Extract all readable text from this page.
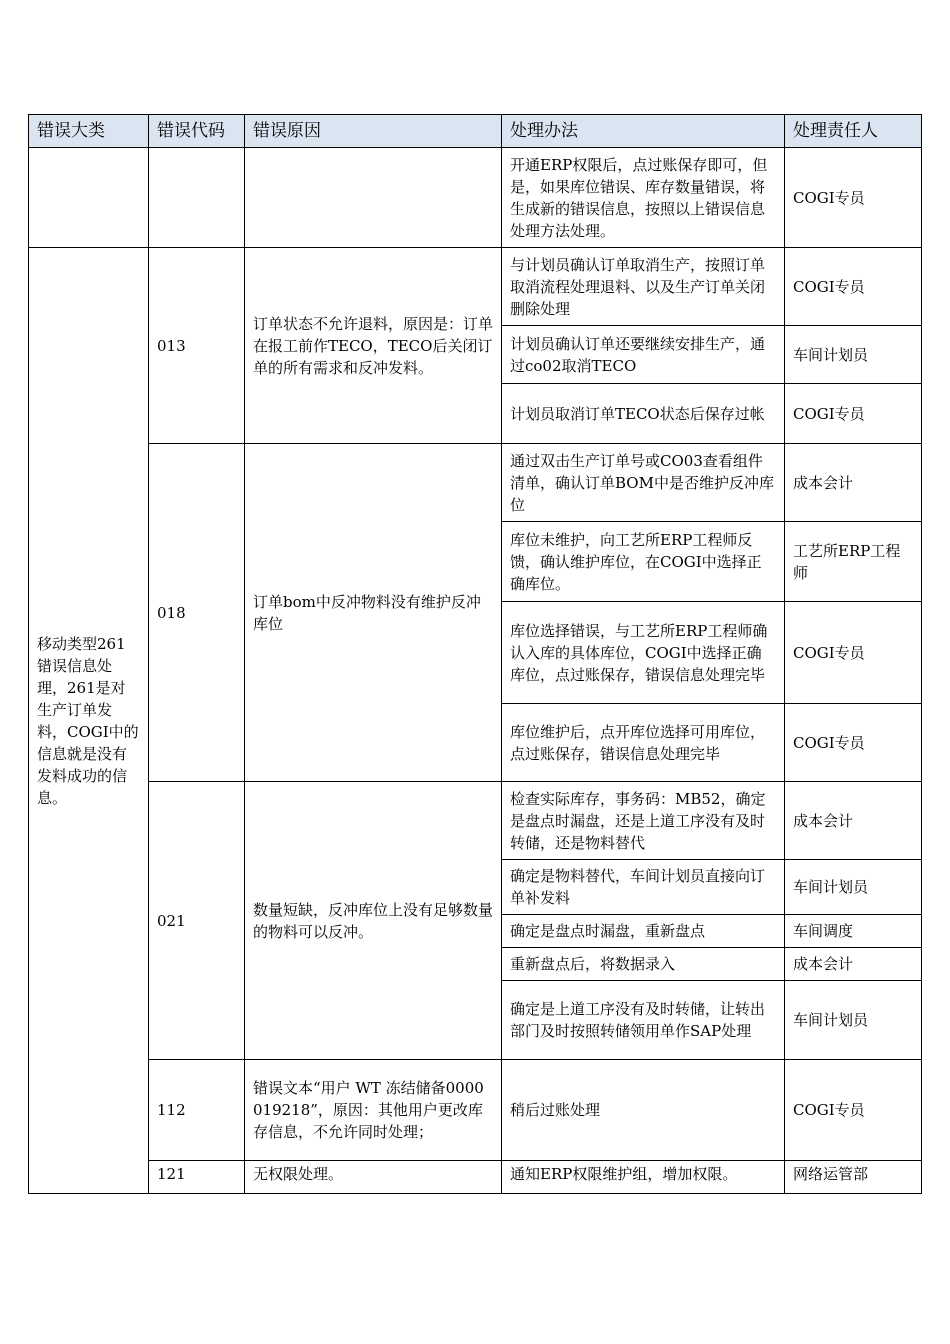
错误大类	错误代码	错误原因	处理办法	处理责任人
			开通ERP权限后，点过账保存即可，但是，如果库位错误、库存数量错误，将生成新的错误信息，按照以上错误信息处理方法处理。	COGI专员
移动类型261错误信息处理，261是对生产订单发料，COGI中的信息就是没有发料成功的信息。	013	订单状态不允许退料，原因是：订单在报工前作TECO，TECO后关闭订单的所有需求和反冲发料。	与计划员确认订单取消生产，按照订单取消流程处理退料、以及生产订单关闭删除处理	COGI专员
			计划员确认订单还要继续安排生产，通过co02取消TECO	车间计划员
			计划员取消订单TECO状态后保存过帐	COGI专员
	018	订单bom中反冲物料没有维护反冲库位	通过双击生产订单号或CO03查看组件清单，确认订单BOM中是否维护反冲库位	成本会计
			库位未维护，向工艺所ERP工程师反馈，确认维护库位，在COGI中选择正确库位。	工艺所ERP工程师
			库位选择错误，与工艺所ERP工程师确认入库的具体库位，COGI中选择正确库位，点过账保存，错误信息处理完毕	COGI专员
			库位维护后，点开库位选择可用库位，点过账保存，错误信息处理完毕	COGI专员
	021	数量短缺，反冲库位上没有足够数量的物料可以反冲。	检查实际库存，事务码：MB52，确定是盘点时漏盘，还是上道工序没有及时转储，还是物料替代	成本会计
			确定是物料替代，车间计划员直接向订单补发料	车间计划员
			确定是盘点时漏盘，重新盘点	车间调度
			重新盘点后，将数据录入	成本会计
			确定是上道工序没有及时转储，让转出部门及时按照转储领用单作SAP处理	车间计划员
	112	错误文本“用户 WT 冻结储备0000019218”，原因：其他用户更改库存信息，不允许同时处理；	稍后过账处理	COGI专员
	121	无权限处理。	通知ERP权限维护组，增加权限。	网络运管部
